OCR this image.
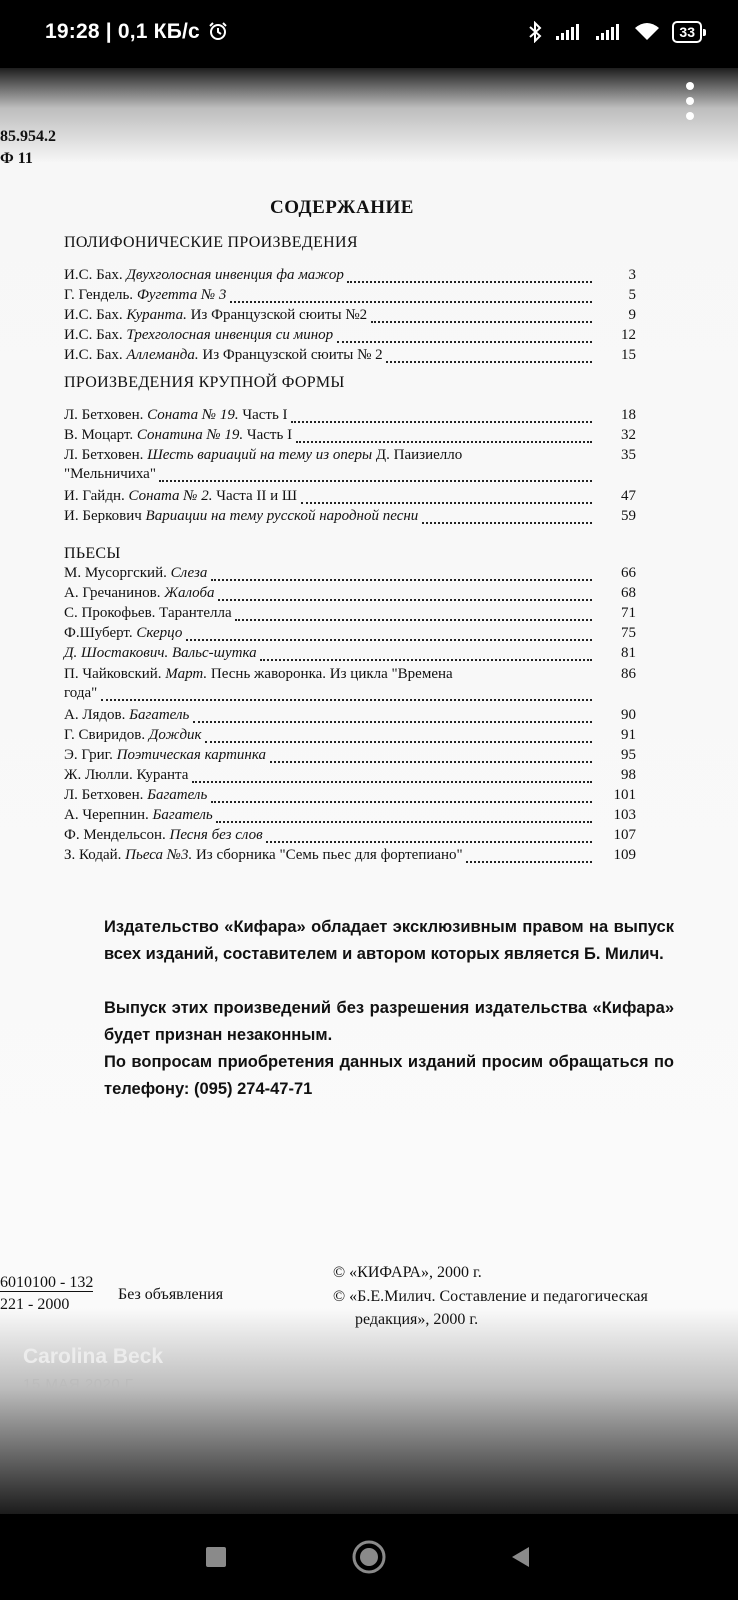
19:28 | 0,1 КБ/с	33
85.954.2
Ф 11
СОДЕРЖАНИЕ
ПОЛИФОНИЧЕСКИЕ ПРОИЗВЕДЕНИЯ
И.С. Бах. Двухголосная инвенция фа мажор	3
Г. Гендель. Фугетта № 3	5
И.С. Бах. Куранта. Из Французской сюиты №2	9
И.С. Бах. Трехголосная инвенция си минор	12
И.С. Бах. Аллеманда. Из Французской сюиты № 2	15
ПРОИЗВЕДЕНИЯ КРУПНОЙ ФОРМЫ
Л. Бетховен. Соната № 19. Часть I	18
В. Моцарт. Сонатина № 19. Часть I	32
Л. Бетховен. Шесть вариаций на тему из оперы Д. Паизиелло	35
"Мельничиха"
И. Гайдн. Соната № 2. Часта II и Ш	47
И. Беркович Вариации на тему русской народной песни	59
ПЬЕСЫ
М. Мусоргский. Слеза	66
А. Гречанинов. Жалоба	68
С. Прокофьев. Тарантелла	71
Ф.Шуберт. Скерцо	75
Д. Шостакович. Вальс-шутка	81
П. Чайковский. Март. Песнь жаворонка. Из цикла "Времена	86
года"
А. Лядов. Багатель	90
Г. Свиридов. Дождик	91
Э. Григ. Поэтическая картинка	95
Ж. Люлли. Куранта	98
Л. Бетховен. Багатель	101
А. Черепнин. Багатель	103
Ф. Мендельсон. Песня без слов	107
З. Кодай. Пьеса №3. Из сборника "Семь пьес для фортепиано"	109
Издательство «Кифара» обладает эксклюзивным правом на выпуск всех изданий, составителем и автором которых является Б. Милич.
Выпуск этих произведений без разрешения издательства «Кифара» будет признан незаконным.
По вопросам приобретения данных изданий просим обращаться по телефону: (095) 274-47-71
6010100 - 132
221 - 2000
Без объявления
© «КИФАРА», 2000 г.
© «Б.Е.Милич. Составление и педагогическая
редакция», 2000 г.
Carolina Beck
15 МАЯ 2020 Г.
